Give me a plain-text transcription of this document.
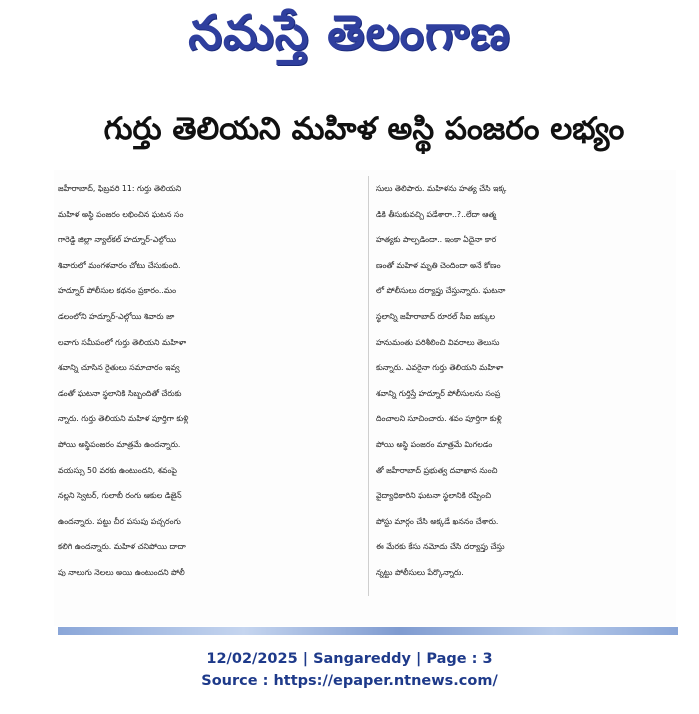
నమస్తే తెలంగాణ
గుర్తు తెలియని మహిళ అస్థి పంజరం లభ్యం
జహీరాబాద్, ఫిబ్రవరి 11: గుర్తు తెలియని
మహిళ అస్థి పంజరం లభించిన ఘటన సం
గారెడ్డి జిల్లా న్యాల్‌కల్ హద్నూర్-ఎల్గోయి
శివారులో మంగళవారం చోటు చేసుకుంది.
హద్నూర్ పోలీసుల కథనం ప్రకారం..మం
డలంలోని హద్నూర్-ఎల్గోయి శివారు జా
లవాగు సమీపంలో గుర్తు తెలియని మహిళా
శవాన్ని చూసిన రైతులు సమాచారం ఇవ్వ
డంతో ఘటనా స్థలానికి సిబ్బందితో చేరుకు
న్నారు. గుర్తు తెలియని మహిళ పూర్తిగా కుళ్లి
పోయి అస్థిపంజరం మాత్రమే ఉందన్నారు.
వయస్సు 50 వరకు ఉంటుందని, శవంపై
నల్లని స్వెటర్, గులాబీ రంగు ఆకుల డిజైన్
ఉందన్నారు. పట్టు చీర పసుపు పచ్చరంగు
కలిగి ఉందన్నారు. మహిళ చనిపోయి దాదా
పు నాలుగు నెలలు అయి ఉంటుందని పోలీ
సులు తెలిపారు. మహిళను హత్య చేసి ఇక్క
డికి తీసుకువచ్చి పడేశారా..?..లేదా ఆత్మ
హత్యకు పాల్పడిందా.. ఇంకా ఏదైనా కార
ణంతో మహిళ మృతి చెందిందా అనే కోణం
లో పోలీసులు దర్యాప్తు చేస్తున్నారు. ఘటనా
స్థలాన్ని జహీరాబాద్ రూరల్ సీఐ జక్కుల
హనుమంతు పరిశీలించి వివరాలు తెలుసు
కున్నారు. ఎవరైనా గుర్తు తెలియని మహిళా
శవాన్ని గుర్తిస్తే హద్నూర్ పోలీసులను సంప్ర
దించాలని సూచించారు. శవం పూర్తిగా కుళ్లి
పోయి అస్థి పంజరం మాత్రమే మిగలడం
తో జహీరాబాద్ ప్రభుత్వ దవాఖాన నుంచి
వైద్యాధికారిని ఘటనా స్థలానికి రప్పించి
పోస్టు మార్గం చేసి అక్కడే ఖననం చేశారు.
ఈ మేరకు కేసు నమోదు చేసి దర్యాప్తు చేస్తు
న్నట్టు పోలీసులు పేర్కొన్నారు.
12/02/2025 | Sangareddy | Page : 3
Source : https://epaper.ntnews.com/
